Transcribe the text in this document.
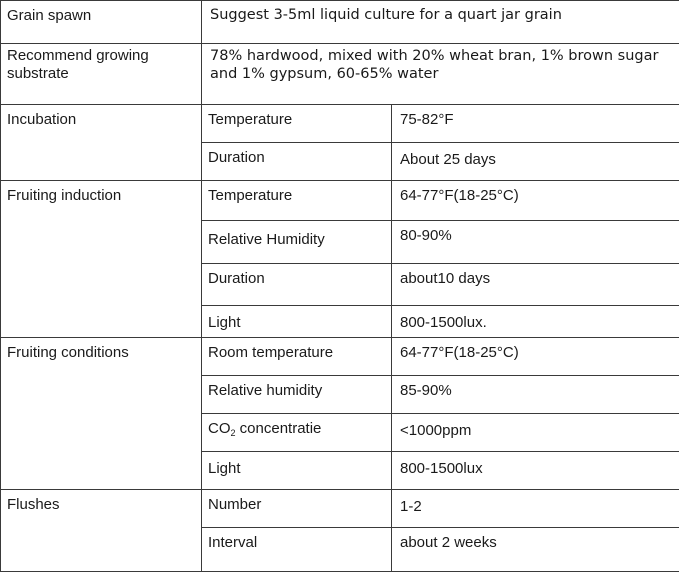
Grain spawn	Suggest 3-5ml liquid culture for a quart jar grain	
Recommend growing substrate	78% hardwood, mixed with 20% wheat bran, 1% brown sugar and 1% gypsum, 60-65% water	
Incubation	Temperature	75-82°F
	Duration	About 25 days
Fruiting induction	Temperature	64-77°F(18-25°C)
	Relative Humidity	80-90%
	Duration	about10 days
	Light	800-1500lux.
Fruiting conditions	Room temperature	64-77°F(18-25°C)
	Relative humidity	85-90%
	$CO_2$ concentratie	<1000ppm
	Light	800-1500lux
Flushes	Number	1-2
	Interval	about 2 weeks
